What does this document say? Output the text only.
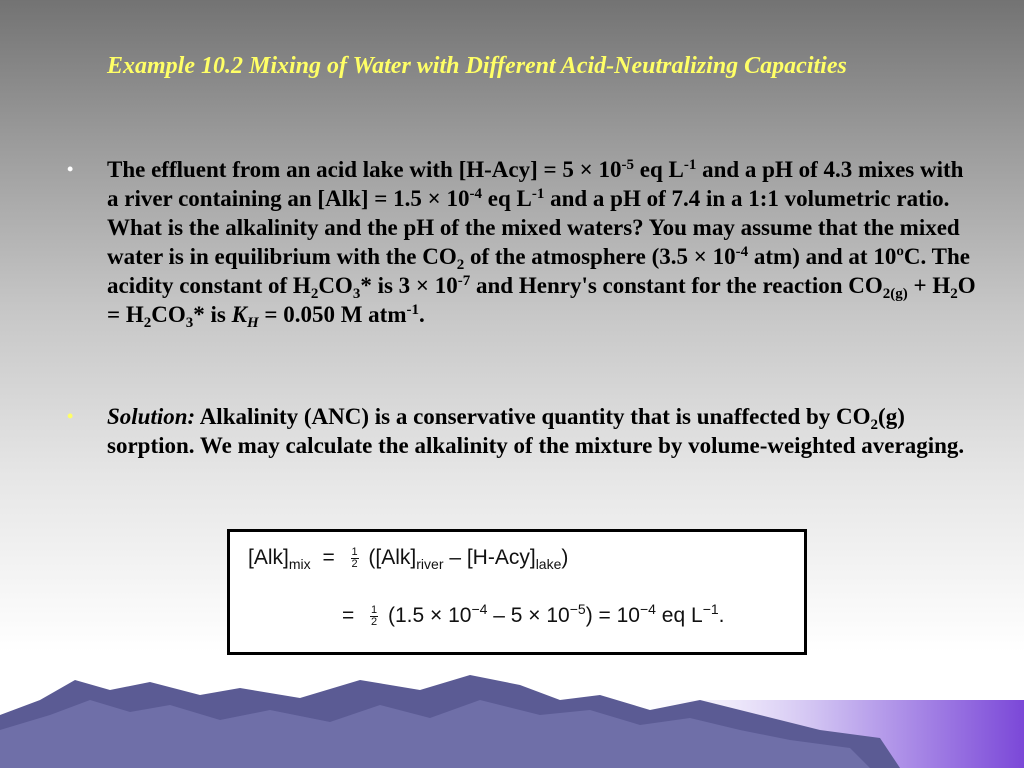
Example 10.2 Mixing of Water with Different Acid-Neutralizing Capacities
• The effluent from an acid lake with $[H-Acy] = 5 \times 10^{-5}$ eq $L^{-1}$ and a pH of 4.3 mixes with a river containing an $[Alk] = 1.5 \times 10^{-4}$ eq $L^{-1}$ and a pH of 7.4 in a 1:1 volumetric ratio. What is the alkalinity and the pH of the mixed waters? You may assume that the mixed water is in equilibrium with the $CO_2$ of the atmosphere ($3.5 \times 10^{-4}$ atm) and at 10ºC. The acidity constant of $H_2CO_3*$ is $3 \times 10^{-7}$ and Henry's constant for the reaction $CO_{2(g)} + H_2O = H_2CO_3*$ is $K_H = 0.050$ M atm$^{-1}$.
• Solution: Alkalinity (ANC) is a conservative quantity that is unaffected by $CO_2(g)$ sorption. We may calculate the alkalinity of the mixture by volume-weighted averaging.
$[Alk]_{mix} = \frac{1}{2} ([Alk]_{river} - [H-Acy]_{lake})$
= $\frac{1}{2} (1.5 \times 10^{-4} - 5 \times 10^{-5}) = 10^{-4}$ eq $L^{-1}$.
